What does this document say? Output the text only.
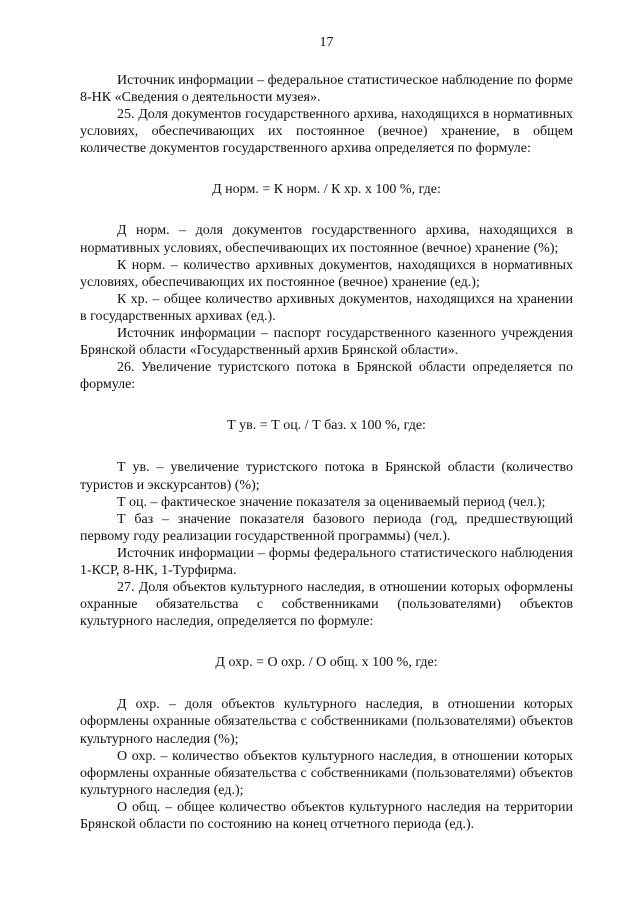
17

Источник информации – федеральное статистическое наблюдение по форме 8-НК «Сведения о деятельности музея».

25. Доля документов государственного архива, находящихся в нормативных условиях, обеспечивающих их постоянное (вечное) хранение, в общем количестве документов государственного архива определяется по формуле:

Д норм. = К норм. / К хр. х 100 %, где:

Д норм. – доля документов государственного архива, находящихся в нормативных условиях, обеспечивающих их постоянное (вечное) хранение (%);

К норм. – количество архивных документов, находящихся в нормативных условиях, обеспечивающих их постоянное (вечное) хранение (ед.);

К хр. – общее количество архивных документов, находящихся на хранении в государственных архивах (ед.).

Источник информации – паспорт государственного казенного учреждения Брянской области «Государственный архив Брянской области».

26. Увеличение туристского потока в Брянской области определяется по формуле:

Т ув. = Т оц. / Т баз. х 100 %, где:

Т ув. – увеличение туристского потока в Брянской области (количество туристов и экскурсантов) (%);

Т оц. – фактическое значение показателя за оцениваемый период (чел.);

Т баз – значение показателя базового периода (год, предшествующий первому году реализации государственной программы) (чел.).

Источник информации – формы федерального статистического наблюдения 1-КСР, 8-НК, 1-Турфирма.

27. Доля объектов культурного наследия, в отношении которых оформлены охранные обязательства с собственниками (пользователями) объектов культурного наследия, определяется по формуле:

Д охр. = О охр. / О общ. х 100 %, где:

Д охр. – доля объектов культурного наследия, в отношении которых оформлены охранные обязательства с собственниками (пользователями) объектов культурного наследия (%);

О охр. – количество объектов культурного наследия, в отношении которых оформлены охранные обязательства с собственниками (пользователями) объектов культурного наследия (ед.);

О общ. – общее количество объектов культурного наследия на территории Брянской области по состоянию на конец отчетного периода (ед.).
